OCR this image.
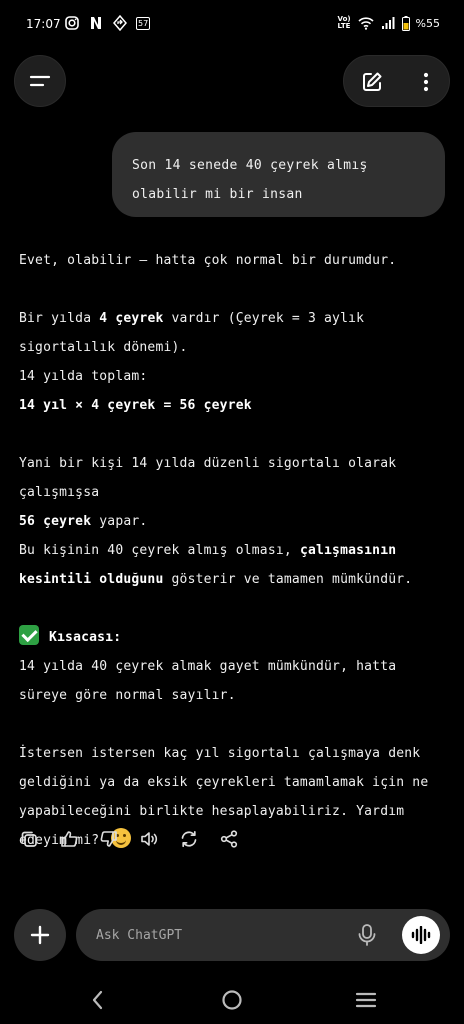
17:07	57	Vo) LTE	%55
Son 14 senede 40 çeyrek almış olabilir mi bir insan

Evet, olabilir — hatta çok normal bir durumdur.

Bir yılda 4 çeyrek vardır (Çeyrek = 3 aylık sigortalılık dönemi).

14 yılda toplam:

14 yıl × 4 çeyrek = 56 çeyrek

Yani bir kişi 14 yılda düzenli sigortalı olarak çalışmışsa

56 çeyrek yapar.

Bu kişinin 40 çeyrek almış olması, çalışmasının kesintili olduğunu gösterir ve tamamen mümkündür.

Kısacası:

14 yılda 40 çeyrek almak gayet mümkündür, hatta süreye göre normal sayılır.

İstersen istersen kaç yıl sigortalı çalışmaya denk geldiğini ya da eksik çeyrekleri tamamlamak için ne yapabileceğini birlikte hesaplayabiliriz. Yardım edeyim mi?

Ask ChatGPT
